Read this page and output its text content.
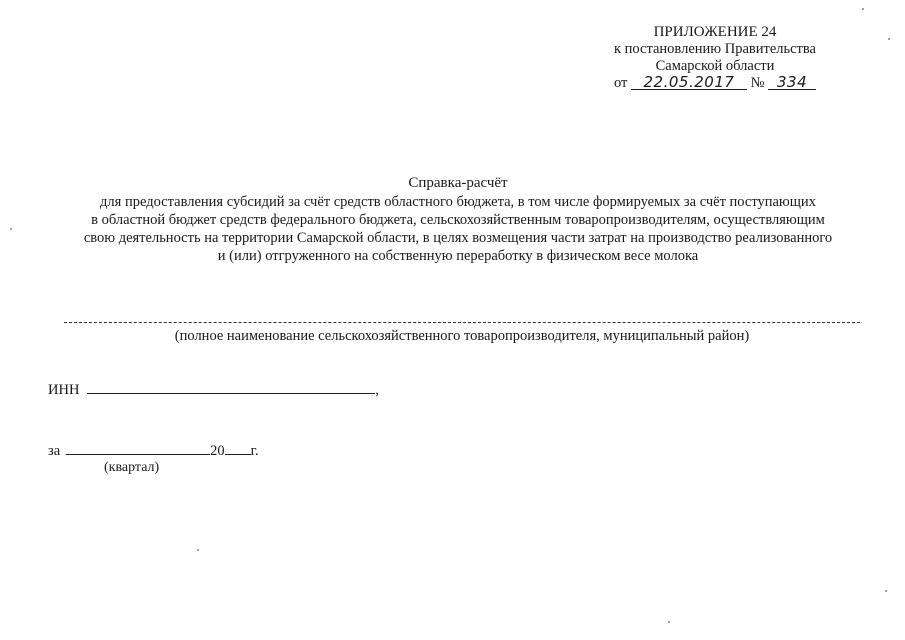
ПРИЛОЖЕНИЕ 24
к постановлению Правительства
Самарской области
от 22.05.2017 № 334
Справка-расчёт
для предоставления субсидий за счёт средств областного бюджета, в том числе формируемых за счёт поступающих
в областной бюджет средств федерального бюджета, сельскохозяйственным товаропроизводителям, осуществляющим
свою деятельность на территории Самарской области, в целях возмещения части затрат на производство реализованного
и (или) отгруженного на собственную переработку в физическом весе молока
(полное наименование сельскохозяйственного товаропроизводителя, муниципальный район)
ИНН	,
за	20 г.
(квартал)
